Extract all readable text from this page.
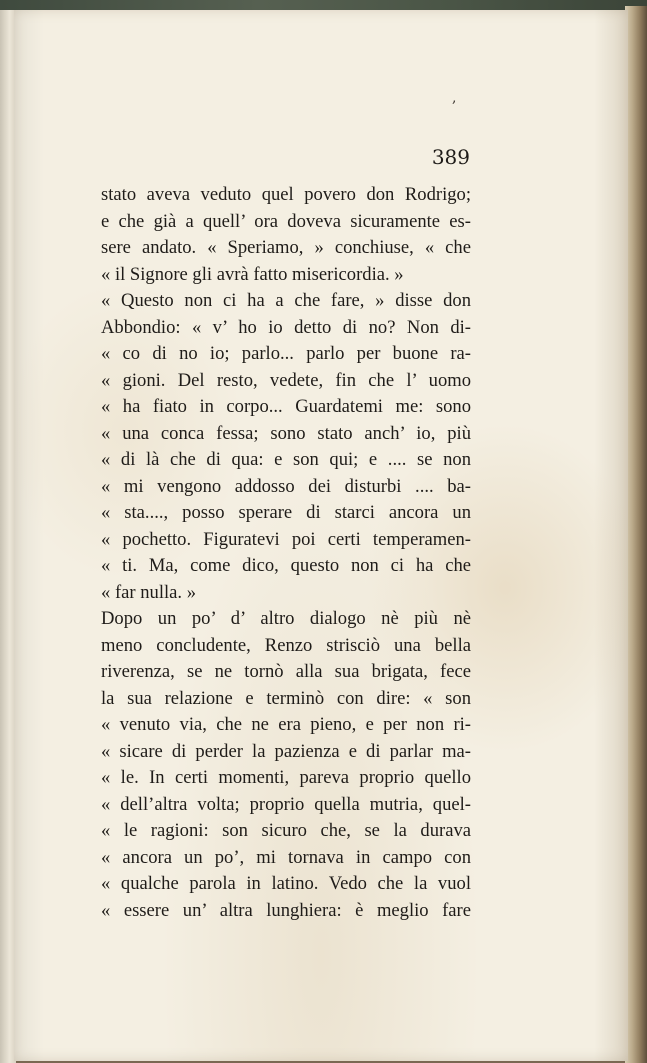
,

389

stato aveva veduto quel povero don Rodrigo;
e che già a quell’ ora doveva sicuramente es-
sere andato. « Speriamo, » conchiuse, « che
« il Signore gli avrà fatto misericordia. »
« Questo non ci ha a che fare, » disse don
Abbondio: « v’ ho io detto di no? Non di-
« co di no io; parlo... parlo per buone ra-
« gioni. Del resto, vedete, fin che l’ uomo
« ha fiato in corpo... Guardatemi me: sono
« una conca fessa; sono stato anch’ io, più
« di là che di qua: e son qui; e .... se non
« mi vengono addosso dei disturbi .... ba-
« sta...., posso sperare di starci ancora un
« pochetto. Figuratevi poi certi temperamen-
« ti. Ma, come dico, questo non ci ha che
« far nulla. »
Dopo un po’ d’ altro dialogo nè più nè
meno concludente, Renzo strisciò una bella
riverenza, se ne tornò alla sua brigata, fece
la sua relazione e terminò con dire: « son
« venuto via, che ne era pieno, e per non ri-
« sicare di perder la pazienza e di parlar ma-
« le. In certi momenti, pareva proprio quello
« dell’altra volta; proprio quella mutria, quel-
« le ragioni: son sicuro che, se la durava
« ancora un po’, mi tornava in campo con
« qualche parola in latino. Vedo che la vuol
« essere un’ altra lunghiera: è meglio fare
